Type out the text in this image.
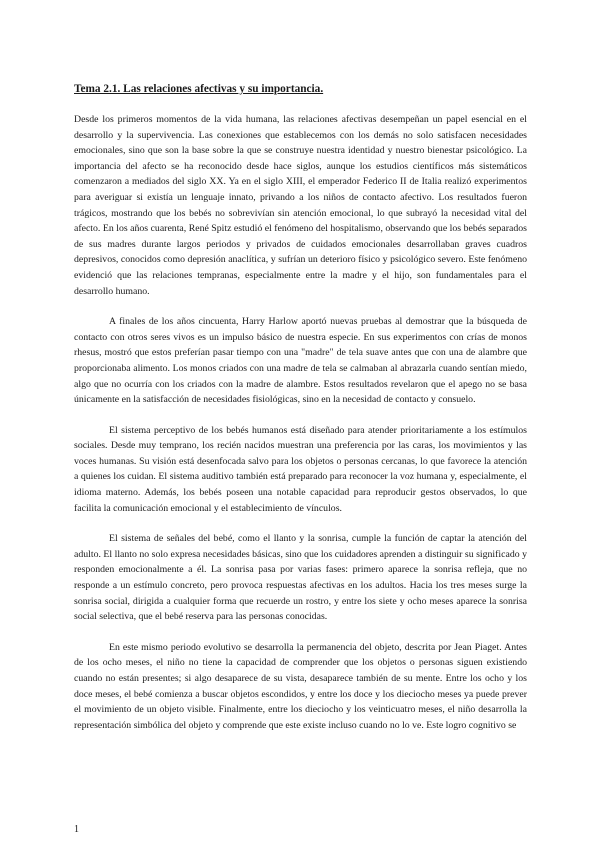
Tema 2.1. Las relaciones afectivas y su importancia.

Desde los primeros momentos de la vida humana, las relaciones afectivas desempeñan un papel esencial en el desarrollo y la supervivencia. Las conexiones que establecemos con los demás no solo satisfacen necesidades emocionales, sino que son la base sobre la que se construye nuestra identidad y nuestro bienestar psicológico. La importancia del afecto se ha reconocido desde hace siglos, aunque los estudios científicos más sistemáticos comenzaron a mediados del siglo XX. Ya en el siglo XIII, el emperador Federico II de Italia realizó experimentos para averiguar si existía un lenguaje innato, privando a los niños de contacto afectivo. Los resultados fueron trágicos, mostrando que los bebés no sobrevivían sin atención emocional, lo que subrayó la necesidad vital del afecto. En los años cuarenta, René Spitz estudió el fenómeno del hospitalismo, observando que los bebés separados de sus madres durante largos periodos y privados de cuidados emocionales desarrollaban graves cuadros depresivos, conocidos como depresión anaclítica, y sufrían un deterioro físico y psicológico severo. Este fenómeno evidenció que las relaciones tempranas, especialmente entre la madre y el hijo, son fundamentales para el desarrollo humano.

A finales de los años cincuenta, Harry Harlow aportó nuevas pruebas al demostrar que la búsqueda de contacto con otros seres vivos es un impulso básico de nuestra especie. En sus experimentos con crías de monos rhesus, mostró que estos preferían pasar tiempo con una "madre" de tela suave antes que con una de alambre que proporcionaba alimento. Los monos criados con una madre de tela se calmaban al abrazarla cuando sentían miedo, algo que no ocurría con los criados con la madre de alambre. Estos resultados revelaron que el apego no se basa únicamente en la satisfacción de necesidades fisiológicas, sino en la necesidad de contacto y consuelo.

El sistema perceptivo de los bebés humanos está diseñado para atender prioritariamente a los estímulos sociales. Desde muy temprano, los recién nacidos muestran una preferencia por las caras, los movimientos y las voces humanas. Su visión está desenfocada salvo para los objetos o personas cercanas, lo que favorece la atención a quienes los cuidan. El sistema auditivo también está preparado para reconocer la voz humana y, especialmente, el idioma materno. Además, los bebés poseen una notable capacidad para reproducir gestos observados, lo que facilita la comunicación emocional y el establecimiento de vínculos.

El sistema de señales del bebé, como el llanto y la sonrisa, cumple la función de captar la atención del adulto. El llanto no solo expresa necesidades básicas, sino que los cuidadores aprenden a distinguir su significado y responden emocionalmente a él. La sonrisa pasa por varias fases: primero aparece la sonrisa refleja, que no responde a un estímulo concreto, pero provoca respuestas afectivas en los adultos. Hacia los tres meses surge la sonrisa social, dirigida a cualquier forma que recuerde un rostro, y entre los siete y ocho meses aparece la sonrisa social selectiva, que el bebé reserva para las personas conocidas.

En este mismo periodo evolutivo se desarrolla la permanencia del objeto, descrita por Jean Piaget. Antes de los ocho meses, el niño no tiene la capacidad de comprender que los objetos o personas siguen existiendo cuando no están presentes; si algo desaparece de su vista, desaparece también de su mente. Entre los ocho y los doce meses, el bebé comienza a buscar objetos escondidos, y entre los doce y los dieciocho meses ya puede prever el movimiento de un objeto visible. Finalmente, entre los dieciocho y los veinticuatro meses, el niño desarrolla la representación simbólica del objeto y comprende que este existe incluso cuando no lo ve. Este logro cognitivo se

1
